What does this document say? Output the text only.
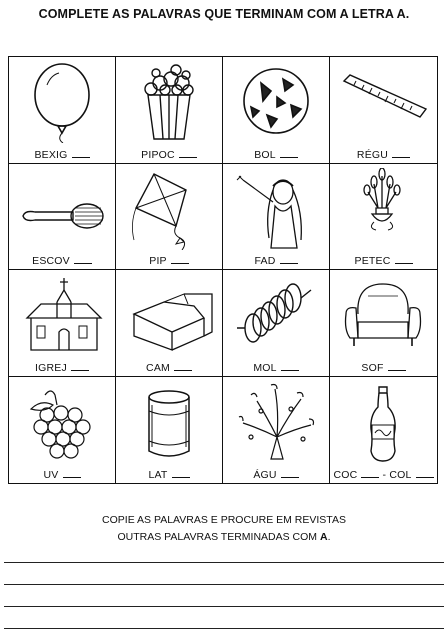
COMPLETE AS PALAVRAS QUE TERMINAM COM A LETRA A.
BEXIG	PIPOC	BOL	RÉGU
ESCOV	PIP	FAD	PETEC
IGREJ	CAM	MOL	SOF
UV	LAT	ÁGU	COC - COL
COPIE AS PALAVRAS E PROCURE EM REVISTAS
OUTRAS PALAVRAS TERMINADAS COM A.
